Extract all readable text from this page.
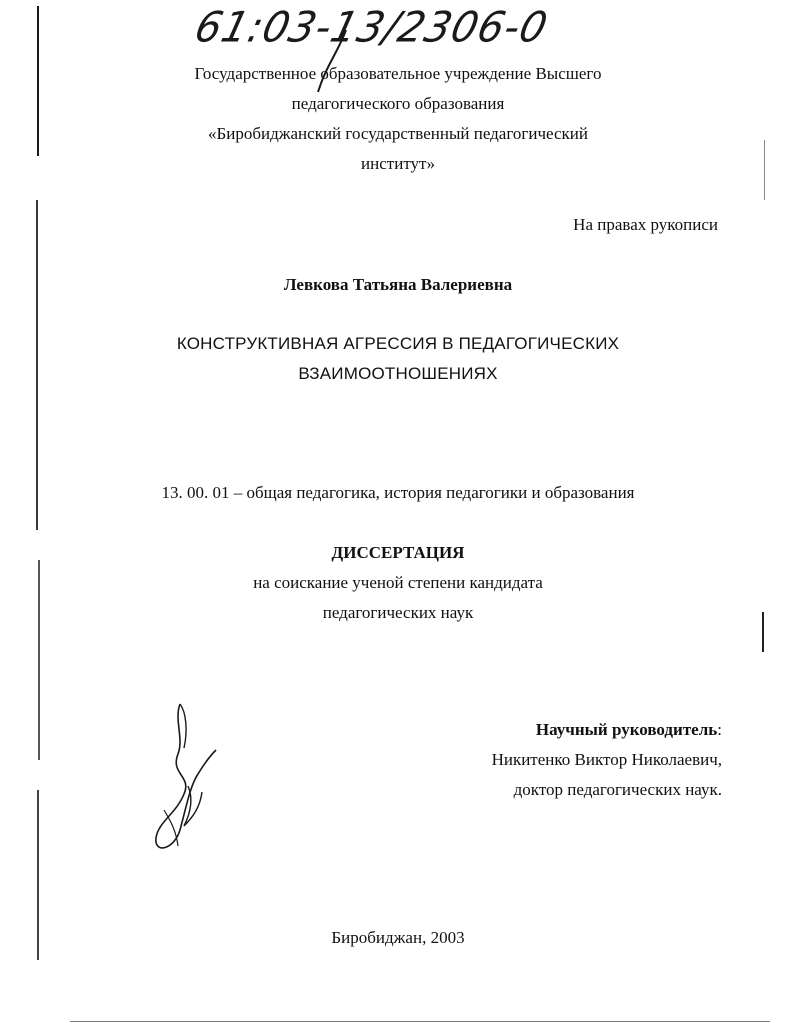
61:03-13/2306-0
Государственное образовательное учреждение Высшего
педагогического образования
«Биробиджанский государственный педагогический
институт»
На правах рукописи
Левкова Татьяна Валериевна
КОНСТРУКТИВНАЯ АГРЕССИЯ В ПЕДАГОГИЧЕСКИХ
ВЗАИМООТНОШЕНИЯХ
13. 00. 01 – общая педагогика, история педагогики и образования
ДИССЕРТАЦИЯ
на соискание ученой степени кандидата
педагогических наук
Научный руководитель:
Никитенко Виктор Николаевич,
доктор педагогических наук.
Биробиджан, 2003
